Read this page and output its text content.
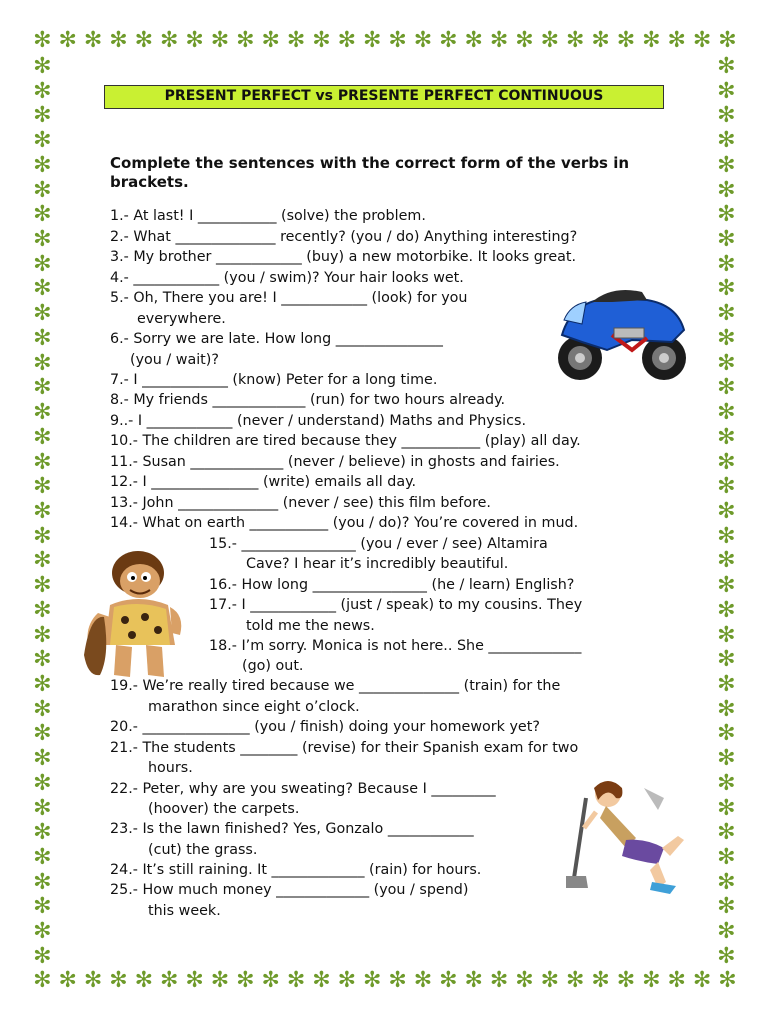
✻ ✻ ✻ ✻ ✻ ✻ ✻ ✻ ✻ ✻ ✻ ✻ ✻ ✻ ✻ ✻ ✻ ✻ ✻ ✻ ✻ ✻ ✻ ✻ ✻ ✻ ✻ ✻
✻ ✻ ✻ ✻ ✻ ✻ ✻ ✻ ✻ ✻ ✻ ✻ ✻ ✻ ✻ ✻ ✻ ✻ ✻ ✻ ✻ ✻ ✻ ✻ ✻ ✻ ✻ ✻
✻
✻
✻
✻
✻
✻
✻
✻
✻
✻
✻
✻
✻
✻
✻
✻
✻
✻
✻
✻
✻
✻
✻
✻
✻
✻
✻
✻
✻
✻
✻
✻
✻
✻
✻
✻
✻
✻
✻
✻
✻
✻
✻
✻
✻
✻
✻
✻
✻
✻
✻
✻
✻
✻
✻
✻
✻
✻
✻
✻
✻
✻
✻
✻
✻
✻
✻
✻
✻
✻
✻
✻
✻
✻
PRESENT PERFECT vs PRESENTE PERFECT CONTINUOUS
Complete the sentences with the correct form of the verbs in brackets.
1.- At last! I ___________ (solve) the problem.
2.- What ______________ recently? (you / do) Anything interesting?
3.- My brother ____________ (buy) a new motorbike. It looks great.
4.- ____________ (you / swim)? Your hair looks wet.
5.- Oh, There you are! I ____________ (look) for you
everywhere.
6.- Sorry we are late. How long _______________
(you / wait)?
7.- I ____________ (know) Peter for a long time.
8.- My friends _____________ (run) for two hours already.
9..- I ____________ (never / understand) Maths and Physics.
10.- The children are tired because they ___________ (play) all day.
11.- Susan _____________ (never / believe) in ghosts and fairies.
12.- I _______________ (write) emails all day.
13.- John ______________ (never / see) this film before.
14.- What on earth ___________ (you / do)? You’re covered in mud.
15.- ________________ (you / ever / see) Altamira
Cave? I hear it’s incredibly beautiful.
16.- How long ________________ (he / learn) English?
17.- I ____________ (just / speak) to my cousins. They
told me the news.
18.- I’m sorry. Monica is not here.. She _____________
(go) out.
19.- We’re really tired because we ______________ (train) for the
marathon since eight o’clock.
20.- _______________ (you / finish) doing your homework yet?
21.- The students ________ (revise) for their Spanish exam for two
hours.
22.- Peter, why are you sweating? Because I _________
(hoover) the carpets.
23.- Is the lawn finished? Yes, Gonzalo ____________
(cut) the grass.
24.- It’s still raining. It _____________ (rain) for hours.
25.- How much money _____________ (you / spend)
this week.
